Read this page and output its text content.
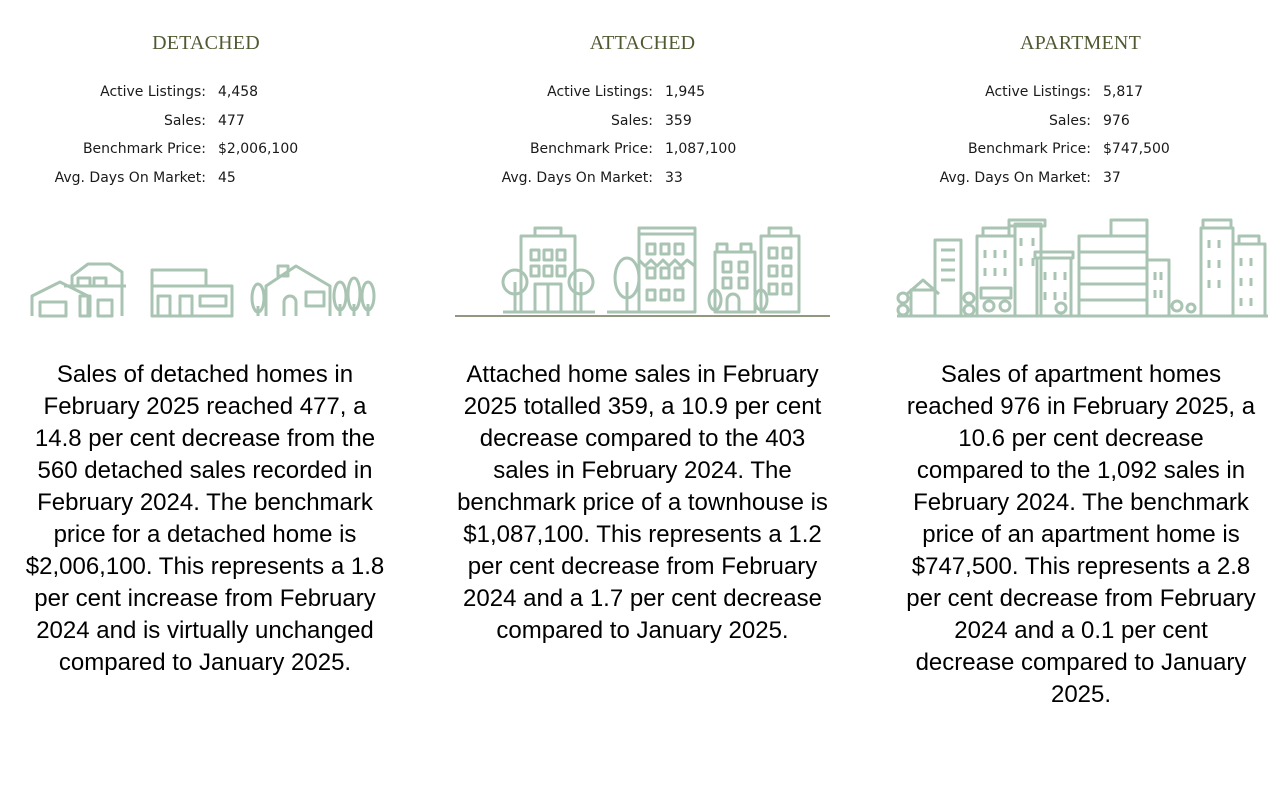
DETACHED
Active Listings: 4,458
Sales: 477
Benchmark Price: $2,006,100
Avg. Days On Market: 45

Sales of detached homes in February 2025 reached 477, a 14.8 per cent decrease from the 560 detached sales recorded in February 2024. The benchmark price for a detached home is $2,006,100. This represents a 1.8 per cent increase from February 2024 and is virtually unchanged compared to January 2025.

ATTACHED
Active Listings: 1,945
Sales: 359
Benchmark Price: 1,087,100
Avg. Days On Market: 33

Attached home sales in February 2025 totalled 359, a 10.9 per cent decrease compared to the 403 sales in February 2024. The benchmark price of a townhouse is $1,087,100. This represents a 1.2 per cent decrease from February 2024 and a 1.7 per cent decrease compared to January 2025.

APARTMENT
Active Listings: 5,817
Sales: 976
Benchmark Price: $747,500
Avg. Days On Market: 37

Sales of apartment homes reached 976 in February 2025, a 10.6 per cent decrease compared to the 1,092 sales in February 2024. The benchmark price of an apartment home is $747,500. This represents a 2.8 per cent decrease from February 2024 and a 0.1 per cent decrease compared to January 2025.
